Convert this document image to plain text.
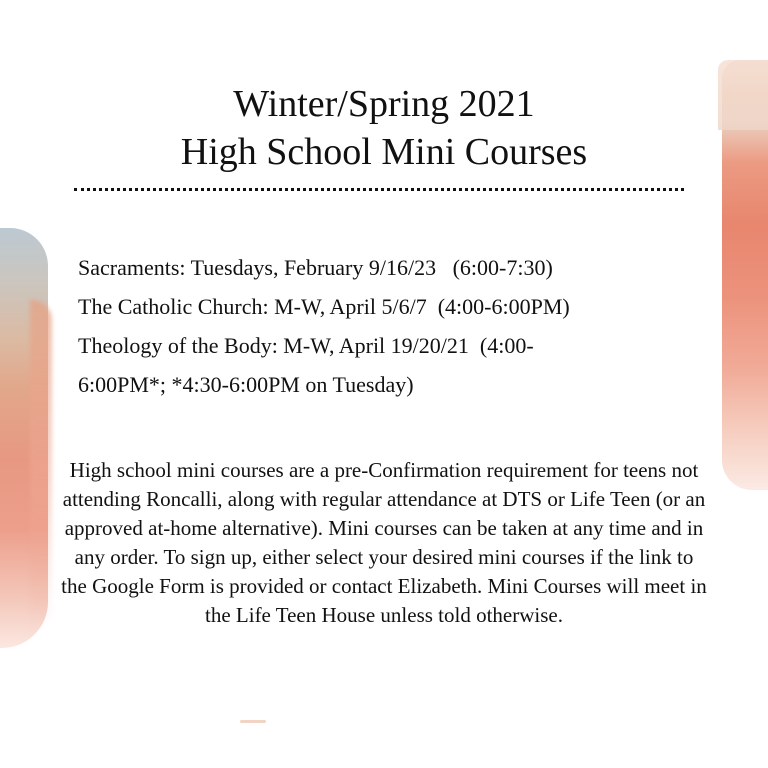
Winter/Spring 2021
High School Mini Courses
Sacraments: Tuesdays, February 9/16/23   (6:00-7:30)
The Catholic Church: M-W, April 5/6/7  (4:00-6:00PM)
Theology of the Body: M-W, April 19/20/21  (4:00-
6:00PM*; *4:30-6:00PM on Tuesday)

High school mini courses are a pre-Confirmation requirement for teens not attending Roncalli, along with regular attendance at DTS or Life Teen (or an approved at-home alternative). Mini courses can be taken at any time and in any order. To sign up, either select your desired mini courses if the link to the Google Form is provided or contact Elizabeth. Mini Courses will meet in the Life Teen House unless told otherwise.
